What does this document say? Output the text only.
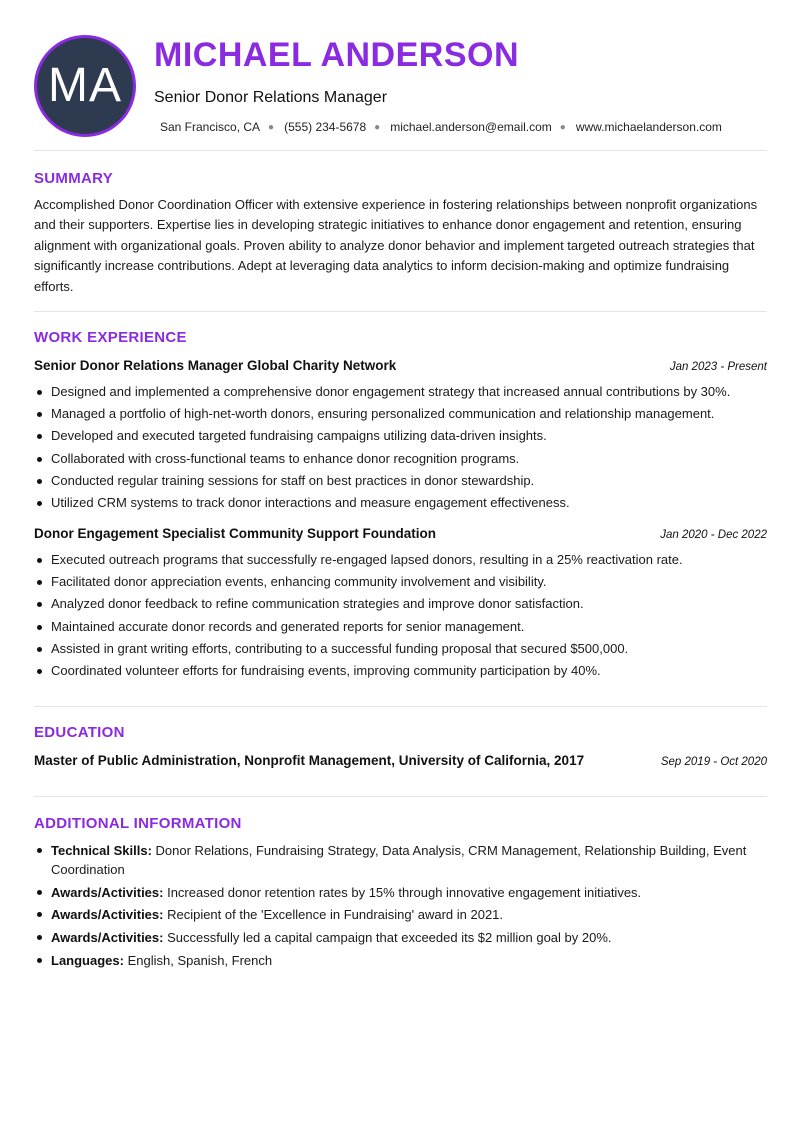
MA
MICHAEL ANDERSON
Senior Donor Relations Manager
San Francisco, CA ● (555) 234-5678 ● michael.anderson@email.com ● www.michaelanderson.com
SUMMARY

Accomplished Donor Coordination Officer with extensive experience in fostering relationships between nonprofit organizations and their supporters. Expertise lies in developing strategic initiatives to enhance donor engagement and retention, ensuring alignment with organizational goals. Proven ability to analyze donor behavior and implement targeted outreach strategies that significantly increase contributions. Adept at leveraging data analytics to inform decision-making and optimize fundraising efforts.

WORK EXPERIENCE
Senior Donor Relations Manager Global Charity Network	Jan 2023 - Present
Designed and implemented a comprehensive donor engagement strategy that increased annual contributions by 30%.
Managed a portfolio of high-net-worth donors, ensuring personalized communication and relationship management.
Developed and executed targeted fundraising campaigns utilizing data-driven insights.
Collaborated with cross-functional teams to enhance donor recognition programs.
Conducted regular training sessions for staff on best practices in donor stewardship.
Utilized CRM systems to track donor interactions and measure engagement effectiveness.
Donor Engagement Specialist Community Support Foundation	Jan 2020 - Dec 2022
Executed outreach programs that successfully re-engaged lapsed donors, resulting in a 25% reactivation rate.
Facilitated donor appreciation events, enhancing community involvement and visibility.
Analyzed donor feedback to refine communication strategies and improve donor satisfaction.
Maintained accurate donor records and generated reports for senior management.
Assisted in grant writing efforts, contributing to a successful funding proposal that secured $500,000.
Coordinated volunteer efforts for fundraising events, improving community participation by 40%.
EDUCATION
Master of Public Administration, Nonprofit Management, University of California, 2017	Sep 2019 - Oct 2020
ADDITIONAL INFORMATION
Technical Skills: Donor Relations, Fundraising Strategy, Data Analysis, CRM Management, Relationship Building, Event Coordination
Awards/Activities: Increased donor retention rates by 15% through innovative engagement initiatives.
Awards/Activities: Recipient of the 'Excellence in Fundraising' award in 2021.
Awards/Activities: Successfully led a capital campaign that exceeded its $2 million goal by 20%.
Languages: English, Spanish, French
